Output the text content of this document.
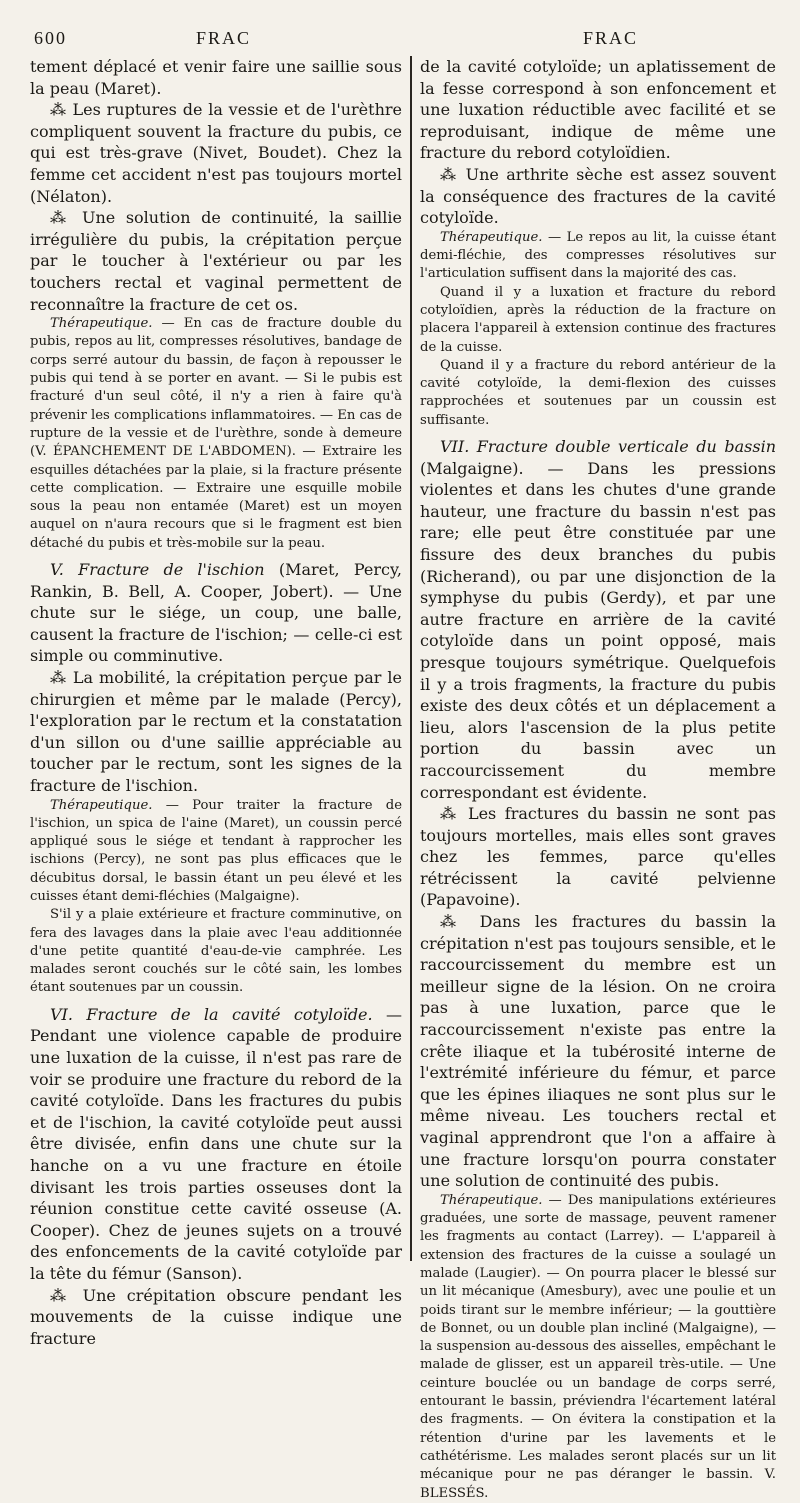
600	FRAC	FRAC

tement déplacé et venir faire une saillie sous la peau (Maret).

⁂ Les ruptures de la vessie et de l'urèthre compliquent souvent la fracture du pubis, ce qui est très-grave (Nivet, Boudet). Chez la femme cet accident n'est pas toujours mortel (Nélaton).

⁂ Une solution de continuité, la saillie irrégulière du pubis, la crépitation perçue par le toucher à l'extérieur ou par les touchers rectal et vaginal permettent de reconnaître la fracture de cet os.

Thérapeutique. — En cas de fracture double du pubis, repos au lit, compresses résolutives, bandage de corps serré autour du bassin, de façon à repousser le pubis qui tend à se porter en avant. — Si le pubis est fracturé d'un seul côté, il n'y a rien à faire qu'à prévenir les complications inflammatoires. — En cas de rupture de la vessie et de l'urèthre, sonde à demeure (V. ÉPANCHEMENT DE L'ABDOMEN). — Extraire les esquilles détachées par la plaie, si la fracture présente cette complication. — Extraire une esquille mobile sous la peau non entamée (Maret) est un moyen auquel on n'aura recours que si le fragment est bien détaché du pubis et très-mobile sur la peau.

V. Fracture de l'ischion (Maret, Percy, Rankin, B. Bell, A. Cooper, Jobert). — Une chute sur le siége, un coup, une balle, causent la fracture de l'ischion; — celle-ci est simple ou comminutive.

⁂ La mobilité, la crépitation perçue par le chirurgien et même par le malade (Percy), l'exploration par le rectum et la constatation d'un sillon ou d'une saillie appréciable au toucher par le rectum, sont les signes de la fracture de l'ischion.

Thérapeutique. — Pour traiter la fracture de l'ischion, un spica de l'aine (Maret), un coussin percé appliqué sous le siége et tendant à rapprocher les ischions (Percy), ne sont pas plus efficaces que le décubitus dorsal, le bassin étant un peu élevé et les cuisses étant demi-fléchies (Malgaigne).

S'il y a plaie extérieure et fracture comminutive, on fera des lavages dans la plaie avec l'eau additionnée d'une petite quantité d'eau-de-vie camphrée. Les malades seront couchés sur le côté sain, les lombes étant soutenues par un coussin.

VI. Fracture de la cavité cotyloïde. — Pendant une violence capable de produire une luxation de la cuisse, il n'est pas rare de voir se produire une fracture du rebord de la cavité cotyloïde. Dans les fractures du pubis et de l'ischion, la cavité cotyloïde peut aussi être divisée, enfin dans une chute sur la hanche on a vu une fracture en étoile divisant les trois parties osseuses dont la réunion constitue cette cavité osseuse (A. Cooper). Chez de jeunes sujets on a trouvé des enfoncements de la cavité cotyloïde par la tête du fémur (Sanson).

⁂ Une crépitation obscure pendant les mouvements de la cuisse indique une fracture

de la cavité cotyloïde; un aplatissement de la fesse correspond à son enfoncement et une luxation réductible avec facilité et se reproduisant, indique de même une fracture du rebord cotyloïdien.

⁂ Une arthrite sèche est assez souvent la conséquence des fractures de la cavité cotyloïde.

Thérapeutique. — Le repos au lit, la cuisse étant demi-fléchie, des compresses résolutives sur l'articulation suffisent dans la majorité des cas.

Quand il y a luxation et fracture du rebord cotyloïdien, après la réduction de la fracture on placera l'appareil à extension continue des fractures de la cuisse.

Quand il y a fracture du rebord antérieur de la cavité cotyloïde, la demi-flexion des cuisses rapprochées et soutenues par un coussin est suffisante.

VII. Fracture double verticale du bassin (Malgaigne). — Dans les pressions violentes et dans les chutes d'une grande hauteur, une fracture du bassin n'est pas rare; elle peut être constituée par une fissure des deux branches du pubis (Richerand), ou par une disjonction de la symphyse du pubis (Gerdy), et par une autre fracture en arrière de la cavité cotyloïde dans un point opposé, mais presque toujours symétrique. Quelquefois il y a trois fragments, la fracture du pubis existe des deux côtés et un déplacement a lieu, alors l'ascension de la plus petite portion du bassin avec un raccourcissement du membre correspondant est évidente.

⁂ Les fractures du bassin ne sont pas toujours mortelles, mais elles sont graves chez les femmes, parce qu'elles rétrécissent la cavité pelvienne (Papavoine).

⁂ Dans les fractures du bassin la crépitation n'est pas toujours sensible, et le raccourcissement du membre est un meilleur signe de la lésion. On ne croira pas à une luxation, parce que le raccourcissement n'existe pas entre la crête iliaque et la tubérosité interne de l'extrémité inférieure du fémur, et parce que les épines iliaques ne sont plus sur le même niveau. Les touchers rectal et vaginal apprendront que l'on a affaire à une fracture lorsqu'on pourra constater une solution de continuité des pubis.

Thérapeutique. — Des manipulations extérieures graduées, une sorte de massage, peuvent ramener les fragments au contact (Larrey). — L'appareil à extension des fractures de la cuisse a soulagé un malade (Laugier). — On pourra placer le blessé sur un lit mécanique (Amesbury), avec une poulie et un poids tirant sur le membre inférieur; — la gouttière de Bonnet, ou un double plan incliné (Malgaigne), — la suspension au-dessous des aisselles, empêchant le malade de glisser, est un appareil très-utile. — Une ceinture bouclée ou un bandage de corps serré, entourant le bassin, préviendra l'écartement latéral des fragments. — On évitera la constipation et la rétention d'urine par les lavements et le cathétérisme. Les malades seront placés sur un lit mécanique pour ne pas déranger le bassin. V. BLESSÉS.
